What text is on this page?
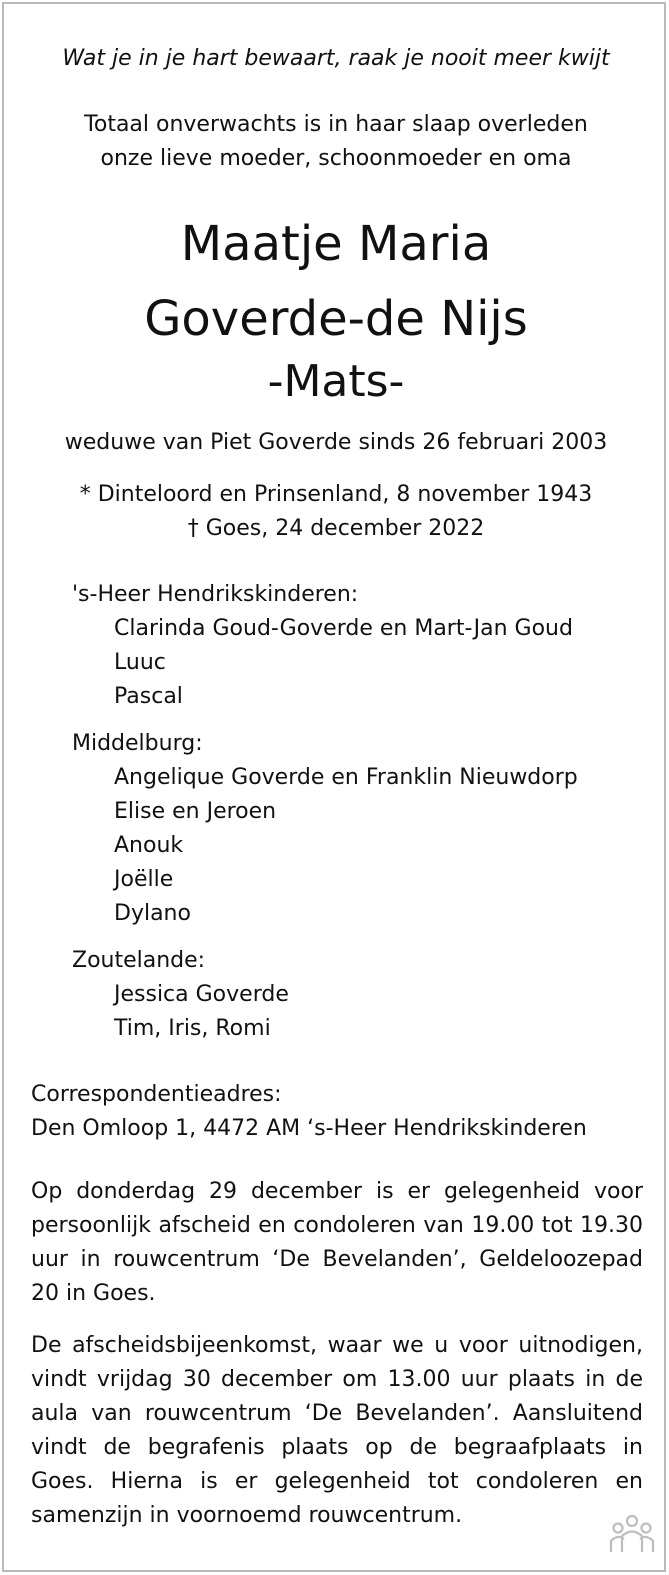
Wat je in je hart bewaart, raak je nooit meer kwijt
Totaal onverwachts is in haar slaap overleden
onze lieve moeder, schoonmoeder en oma
Maatje Maria
Goverde-de Nijs
-Mats-
weduwe van Piet Goverde sinds 26 februari 2003
* Dinteloord en Prinsenland, 8 november 1943
† Goes, 24 december 2022
's-Heer Hendrikskinderen:
Clarinda Goud-Goverde en Mart-Jan Goud
Luuc
Pascal
Middelburg:
Angelique Goverde en Franklin Nieuwdorp
Elise en Jeroen
Anouk
Joëlle
Dylano
Zoutelande:
Jessica Goverde
Tim, Iris, Romi
Correspondentieadres:
Den Omloop 1, 4472 AM ‘s-Heer Hendrikskinderen
Op donderdag 29 december is er gelegenheid voor persoonlijk afscheid en condoleren van 19.00 tot 19.30 uur in rouwcentrum ‘De Bevelanden’, Geldeloozepad 20 in Goes.
De afscheidsbijeenkomst, waar we u voor uitnodigen, vindt vrijdag 30 december om 13.00 uur plaats in de aula van rouwcentrum ‘De Bevelanden’. Aansluitend vindt de begrafenis plaats op de begraafplaats in Goes. Hierna is er gelegenheid tot condoleren en samenzijn in voornoemd rouwcentrum.
